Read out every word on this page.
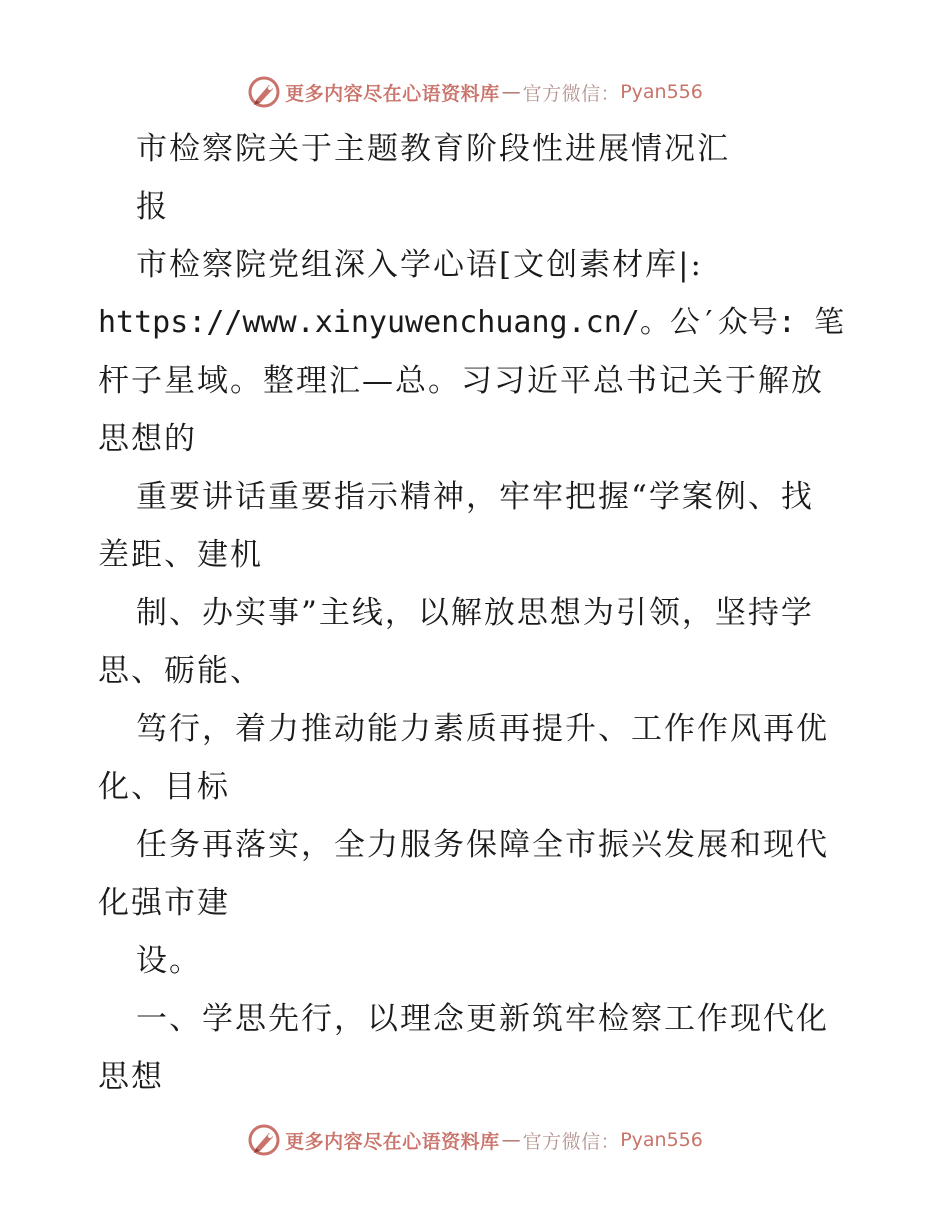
更多内容尽在心语资料库 — 官方微信： Pyan556
市检察院关于主题教育阶段性进展情况汇
报
市检察院党组深入学心语[文创素材库|:
https://www.xinyuwenchuang.cn/。公′众号: 笔
杆子星域。整理汇—总。习习近平总书记关于解放
思想的
重要讲话重要指示精神，牢牢把握“学案例、找
差距、建机
制、办实事”主线，以解放思想为引领，坚持学
思、砺能、
笃行，着力推动能力素质再提升、工作作风再优
化、目标
任务再落实，全力服务保障全市振兴发展和现代
化强市建
设。
一、学思先行，以理念更新筑牢检察工作现代化
思想
更多内容尽在心语资料库 — 官方微信： Pyan556
